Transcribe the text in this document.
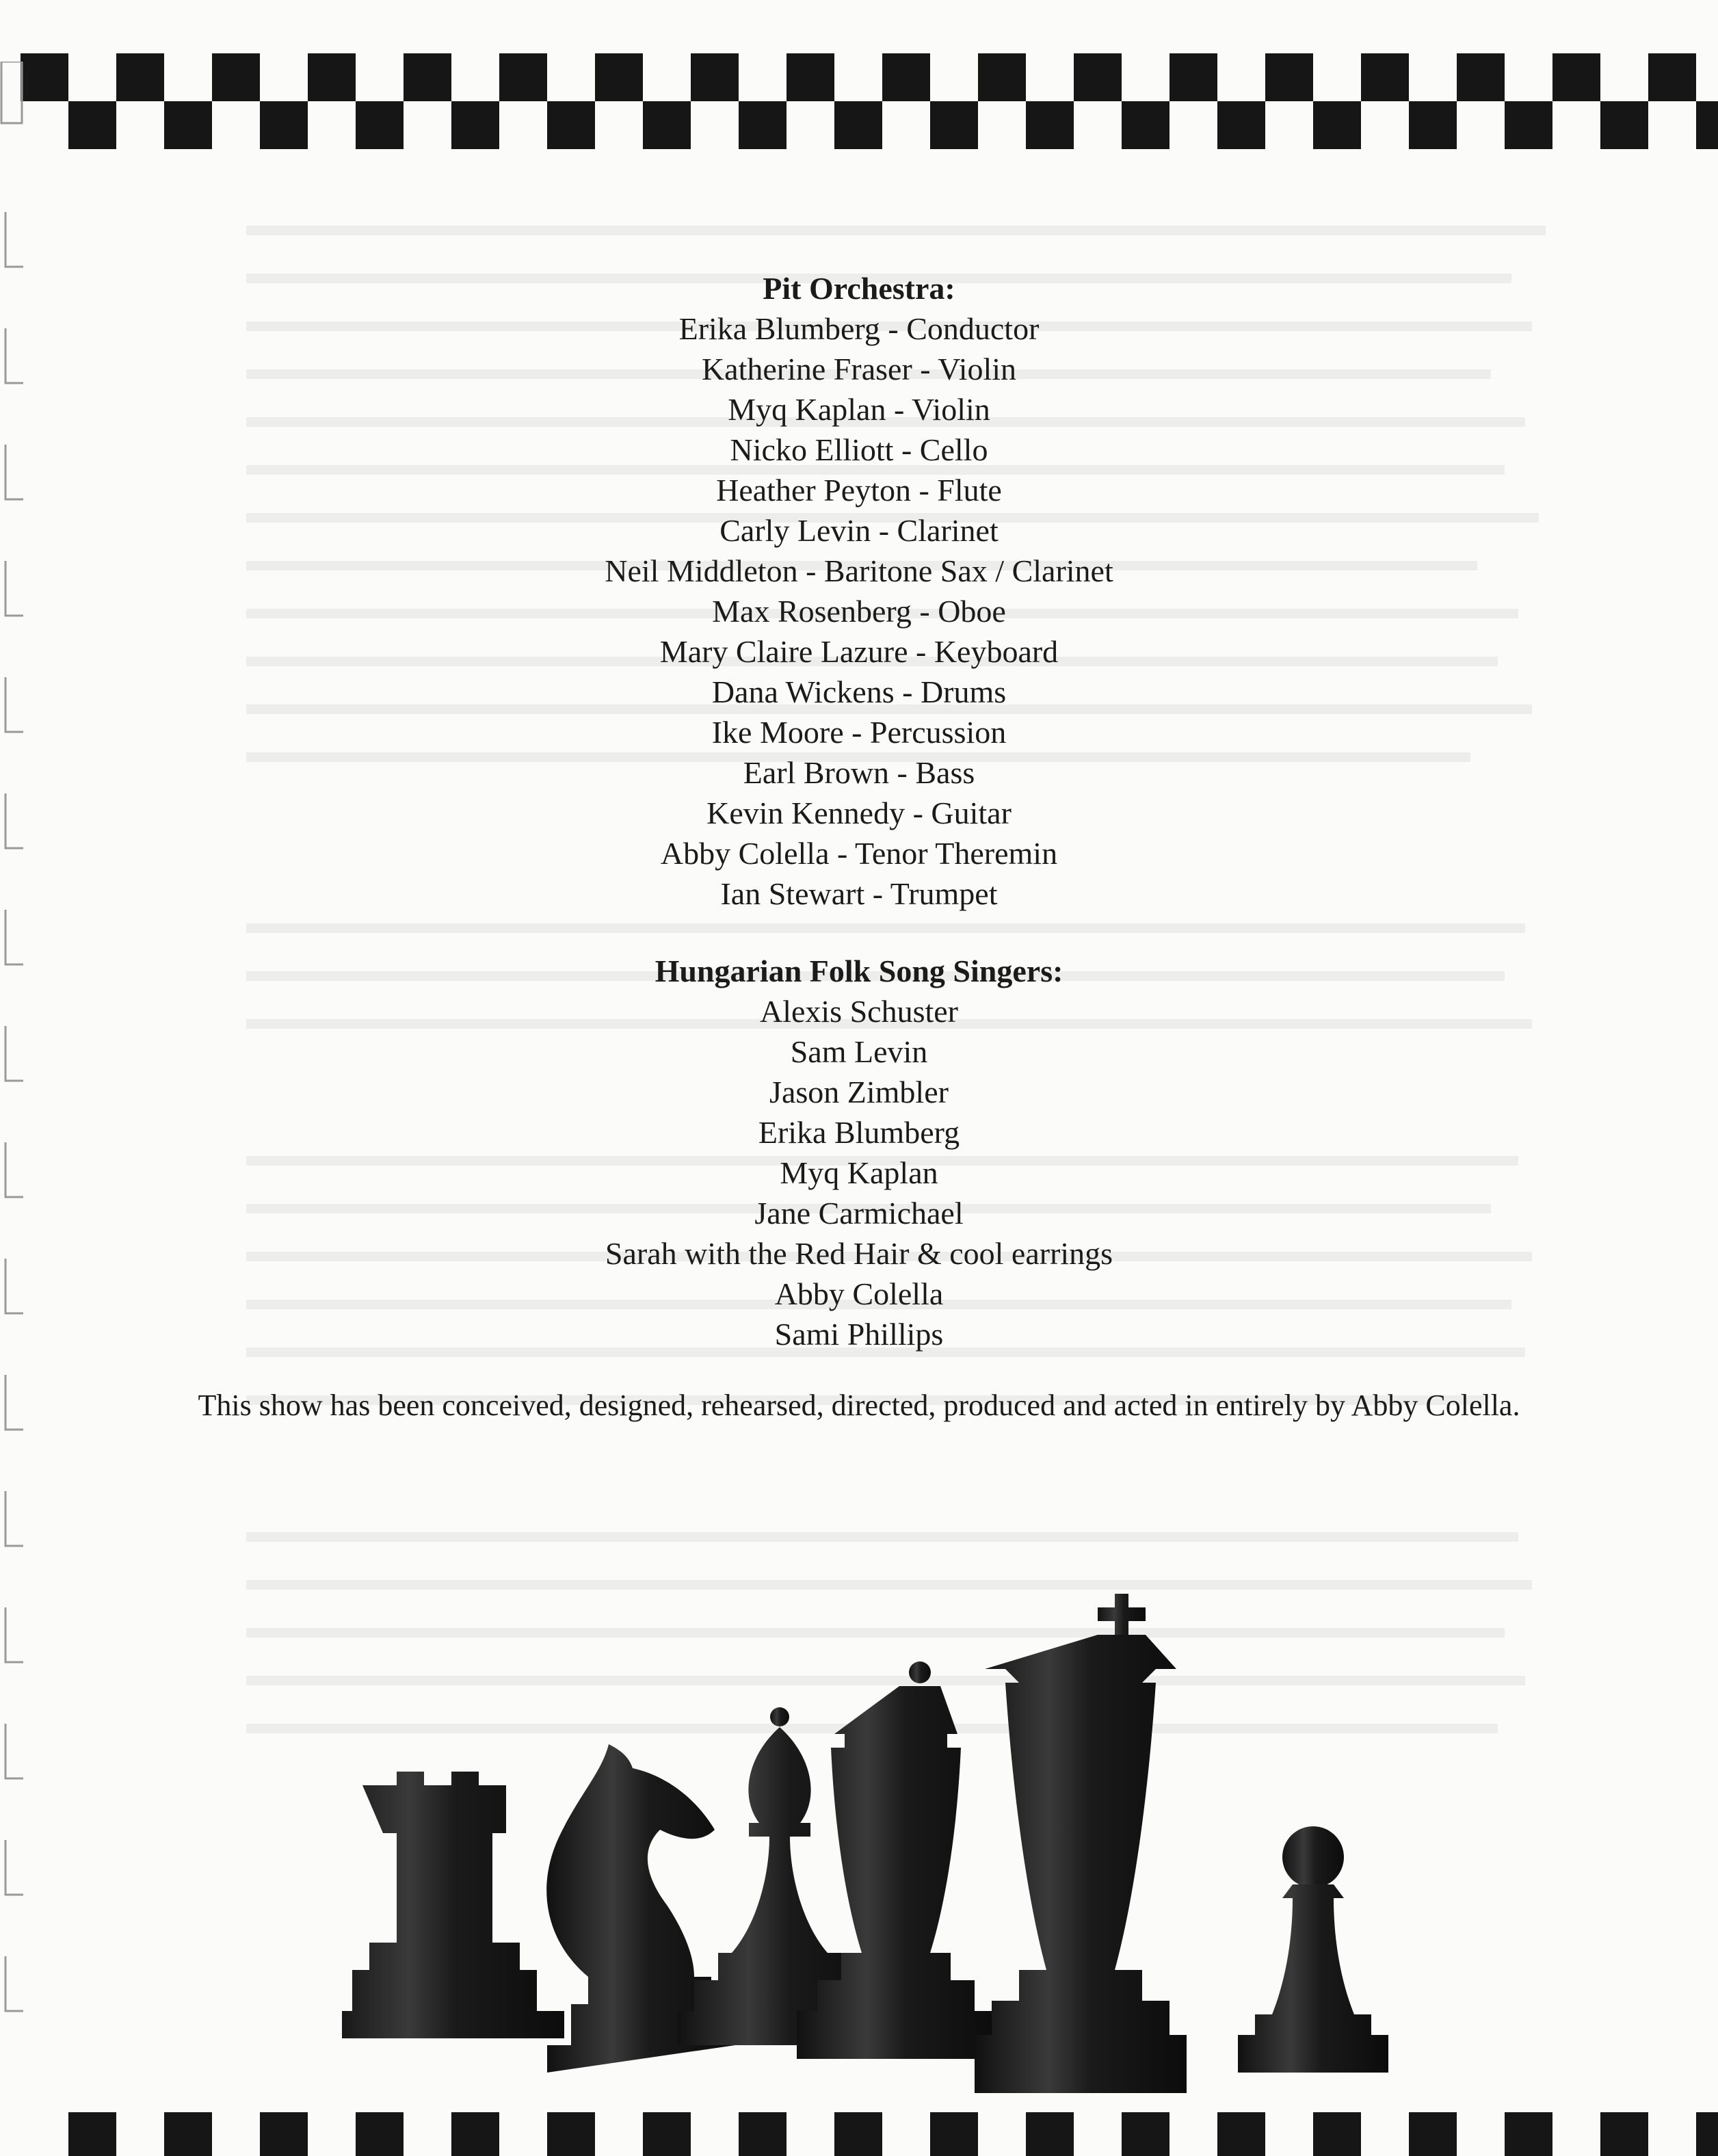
Pit Orchestra:

Erika Blumberg - Conductor

Katherine Fraser - Violin

Myq Kaplan - Violin

Nicko Elliott - Cello

Heather Peyton - Flute

Carly Levin - Clarinet

Neil Middleton - Baritone Sax / Clarinet

Max Rosenberg - Oboe

Mary Claire Lazure - Keyboard

Dana Wickens - Drums

Ike Moore - Percussion

Earl Brown - Bass

Kevin Kennedy - Guitar

Abby Colella - Tenor Theremin

Ian Stewart - Trumpet

Hungarian Folk Song Singers:

Alexis Schuster

Sam Levin

Jason Zimbler

Erika Blumberg

Myq Kaplan

Jane Carmichael

Sarah with the Red Hair & cool earrings

Abby Colella

Sami Phillips

This show has been conceived, designed, rehearsed, directed, produced and acted in entirely by Abby Colella.
